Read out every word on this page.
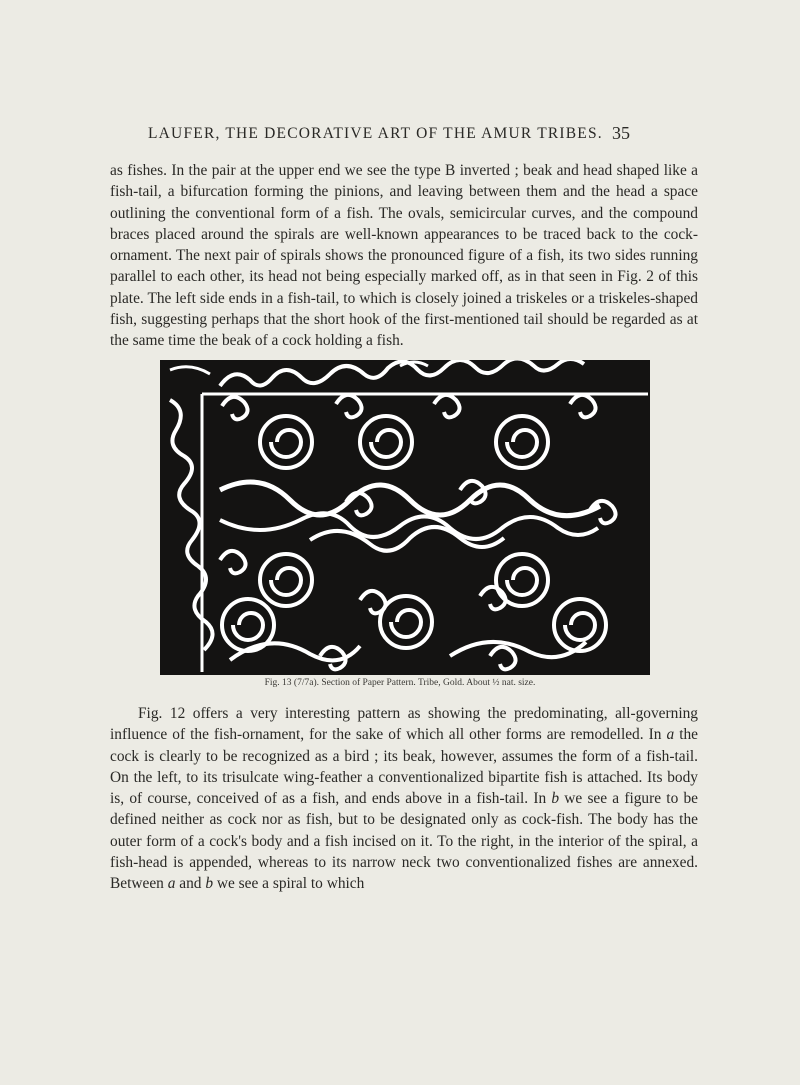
LAUFER, THE DECORATIVE ART OF THE AMUR TRIBES. 35

as fishes. In the pair at the upper end we see the type B inverted ; beak and head shaped like a fish-tail, a bifurcation forming the pinions, and leaving between them and the head a space outlining the conventional form of a fish. The ovals, semicircular curves, and the compound braces placed around the spirals are well-known appearances to be traced back to the cock-ornament. The next pair of spirals shows the pronounced figure of a fish, its two sides running parallel to each other, its head not being especially marked off, as in that seen in Fig. 2 of this plate. The left side ends in a fish-tail, to which is closely joined a triskeles or a triskeles-shaped fish, suggesting perhaps that the short hook of the first-mentioned tail should be regarded as at the same time the beak of a cock holding a fish.

Fig. 13 (7/7a). Section of Paper Pattern. Tribe, Gold. About ½ nat. size.

Fig. 12 offers a very interesting pattern as showing the predominating, all-governing influence of the fish-ornament, for the sake of which all other forms are remodelled. In a the cock is clearly to be recognized as a bird ; its beak, however, assumes the form of a fish-tail. On the left, to its trisulcate wing-feather a conventionalized bipartite fish is attached. Its body is, of course, conceived of as a fish, and ends above in a fish-tail. In b we see a figure to be defined neither as cock nor as fish, but to be designated only as cock-fish. The body has the outer form of a cock's body and a fish incised on it. To the right, in the interior of the spiral, a fish-head is appended, whereas to its narrow neck two conventionalized fishes are annexed. Between a and b we see a spiral to which
